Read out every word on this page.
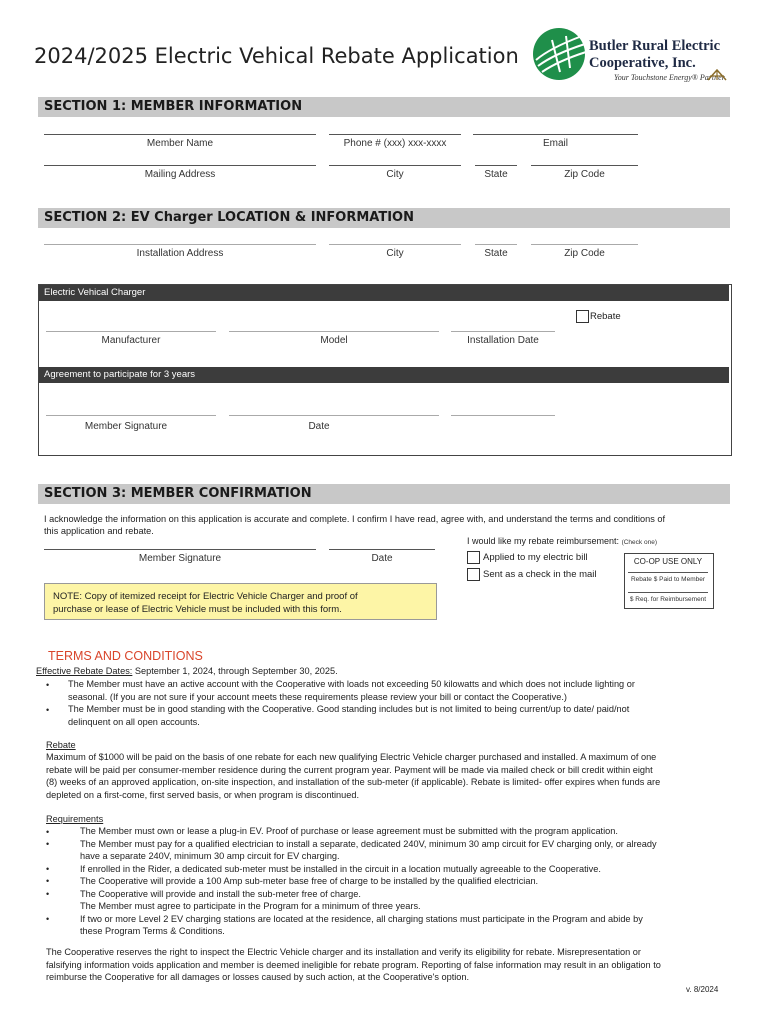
2024/2025 Electric Vehical Rebate Application	Butler Rural Electric
Cooperative, Inc.
Your Touchstone Energy® Partner
SECTION 1: MEMBER INFORMATION
Member Name	Phone # (xxx) xxx-xxxx	Email
Mailing Address	City	State	Zip Code
SECTION 2: EV Charger LOCATION & INFORMATION
Installation Address	City	State	Zip Code
Electric Vehical Charger
Rebate
Manufacturer	Model	Installation Date
Agreement to participate for 3 years
Member Signature	Date
SECTION 3: MEMBER CONFIRMATION
I acknowledge the information on this application is accurate and complete. I confirm I have read, agree with, and understand the terms and conditions of
this application and rebate.
I would like my rebate reimbursement: (Check one)
Member Signature	Date	Applied to my electric bill
Sent as a check in the mail
CO-OP USE ONLY
Rebate $ Paid to Member
$ Req. for Reimbursement
NOTE: Copy of itemized receipt for Electric Vehicle Charger and proof of
purchase or lease of Electric Vehicle must be included with this form.
TERMS AND CONDITIONS
Effective Rebate Dates: September 1, 2024, through September 30, 2025.
The Member must have an active account with the Cooperative with loads not exceeding 50 kilowatts and which does not include lighting or
seasonal. (If you are not sure if your account meets these requirements please review your bill or contact the Cooperative.)
•
The Member must be in good standing with the Cooperative. Good standing includes but is not limited to being current/up to date/ paid/not
delinquent on all open accounts.
•
Rebate
Maximum of $1000 will be paid on the basis of one rebate for each new qualifying Electric Vehicle charger purchased and installed. A maximum of one
rebate will be paid per consumer-member residence during the current program year. Payment will be made via mailed check or bill credit within eight
(8) weeks of an approved application, on-site inspection, and installation of the sub-meter (if applicable). Rebate is limited- offer expires when funds are
depleted on a first-come, first served basis, or when program is discontinued.
Requirements
The Member must own or lease a plug-in EV. Proof of purchase or lease agreement must be submitted with the program application.
The Member must pay for a qualified electrician to install a separate, dedicated 240V, minimum 30 amp circuit for EV charging only, or already
have a separate 240V, minimum 30 amp circuit for EV charging.
If enrolled in the Rider, a dedicated sub-meter must be installed in the circuit in a location mutually agreeable to the Cooperative.
The Cooperative will provide a 100 Amp sub-meter base free of charge to be installed by the qualified electrician.
The Cooperative will provide and install the sub-meter free of charge.
The Member must agree to participate in the Program for a minimum of three years.
If two or more Level 2 EV charging stations are located at the residence, all charging stations must participate in the Program and abide by
these Program Terms & Conditions.
•
•
•
•
•
•
The Cooperative reserves the right to inspect the Electric Vehicle charger and its installation and verify its eligibility for rebate. Misrepresentation or
falsifying information voids application and member is deemed ineligible for rebate program. Reporting of false information may result in an obligation to
reimburse the Cooperative for all damages or losses caused by such action, at the Cooperative's option.
v. 8/2024
